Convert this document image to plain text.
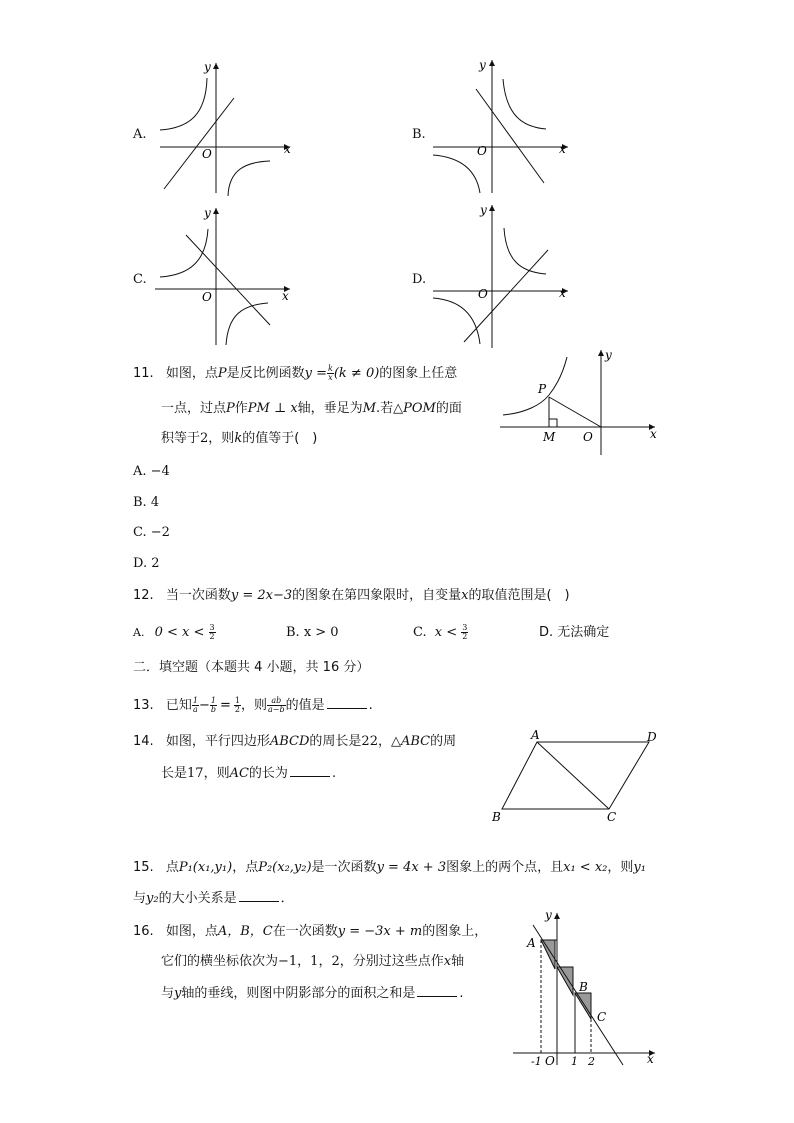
A.
y
x
O
B.
y
x
O
C.
y
x
O
D.
y
x
O
11. 如图，点P是反比例函数$y = \frac{k}{x} (k \ne 0)$的图象上任意
一点，过点P作PM ⊥ x轴，垂足为M.若△POM的面
积等于2，则k的值等于(　)
A. −4
B. 4
C. −2
D. 2
P
M O	x
y
12. 当一次函数y = 2x−3的图象在第四象限时，自变量x的取值范围是(　)
A. $0 < x < \frac{3}{2}$	B. x > 0	C. $x < \frac{3}{2}$	D. 无法确定
二．填空题（本题共 4 小题，共 16 分）
13. 已知 $\frac{1}{a} - \frac{1}{b} = \frac{1}{2}$ ，则 $\frac{ab}{a-b}$ 的值是	.
14. 如图，平行四边形ABCD的周长是22，△ABC的周
长是17，则AC的长为	.
A	D
B	C
15. 点P₁(x₁,y₁)，点P₂(x₂,y₂)是一次函数y = 4x + 3图象上的两个点，且x₁ < x₂，则y₁
与y₂的大小关系是	．
16. 如图，点A，B，C在一次函数y = −3x + m的图象上，
它们的横坐标依次为−1，1，2，分别过这些点作x轴
与y轴的垂线，则图中阴影部分的面积之和是	.
A
B
C
O	x
y
-1	1 2
